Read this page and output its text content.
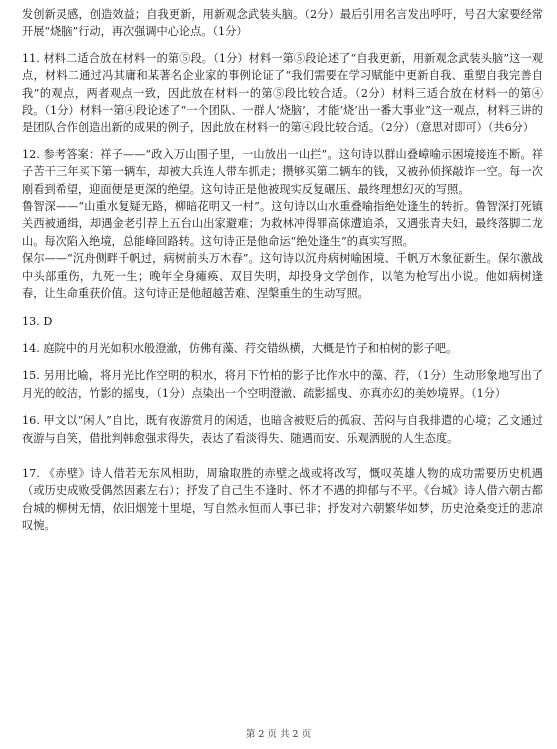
发创新灵感，创造效益；自我更新，用新观念武装头脑。（2分）最后引用名言发出呼吁，号召大家要经常开展“烧脑”行动，再次强调中心论点。（1分）

11. 材料二适合放在材料一的第⑤段。（1分）材料一第⑤段论述了“自我更新，用新观念武装头脑”这一观点，材料二通过冯其庸和某著名企业家的事例论证了“我们需要在学习赋能中更新自我、重塑自我完善自我”的观点，两者观点一致，因此放在材料一的第⑤段比较合适。（2分）材料三适合放在材料一的第④段。（1分）材料一第④段论述了“一个团队、一群人‘烧脑’，才能‘烧’出一番大事业”这一观点，材料三讲的是团队合作创造出新的成果的例子，因此放在材料一的第④段比较合适。（2分）（意思对即可）（共6分）

12. 参考答案：祥子——“政入万山围子里，一山放出一山拦”。这句诗以群山叠嶂喻示困境接连不断。祥子苦干三年买下第一辆车，却被大兵连人带车抓走；攒够买第二辆车的钱，又被孙侦探敲诈一空。每一次刚看到希望，迎面便是更深的绝望。这句诗正是他被现实反复碾压、最终理想幻灭的写照。
鲁智深——“山重水复疑无路，柳暗花明又一村”。这句诗以山水重叠喻指绝处逢生的转折。鲁智深打死镇关西被通缉，却遇金老引荐上五台山出家避难；为救林冲得罪高俅遭追杀，又遇张青夫妇，最终落脚二龙山。每次陷入绝境，总能峰回路转。这句诗正是他命运“绝处逢生”的真实写照。
保尔——“沉舟侧畔千帆过，病树前头万木春”。这句诗以沉舟病树喻困境、千帆万木象征新生。保尔激战中头部重伤，九死一生；晚年全身瘫痪、双目失明，却投身文学创作，以笔为枪写出小说。他如病树逢春，让生命重获价值。这句诗正是他超越苦难、涅槃重生的生动写照。

13. D

14. 庭院中的月光如积水般澄澈，仿佛有藻、荇交错纵横，大概是竹子和柏树的影子吧。

15. 另用比喻，将月光比作空明的积水，将月下竹柏的影子比作水中的藻、荇，（1分）生动形象地写出了月光的皎洁，竹影的摇曳，（1分）点染出一个空明澄澈、疏影摇曳、亦真亦幻的美妙境界。（1分）

16. 甲文以“闲人”自比，既有夜游赏月的闲适，也暗含被贬后的孤寂、苦闷与自我排遣的心境；乙文通过夜游与自笑，借批判韩愈强求得失，表达了看淡得失、随遇而安、乐观洒脱的人生态度。

17. 《赤壁》诗人借若无东风相助，周瑜取胜的赤壁之战或将改写，慨叹英雄人物的成功需要历史机遇（或历史成败受偶然因素左右）；抒发了自己生不逢时、怀才不遇的抑郁与不平。《台城》诗人借六朝古都台城的柳树无情，依旧烟笼十里堤，写自然永恒而人事已非；抒发对六朝繁华如梦，历史沧桑变迁的悲凉叹惋。

第 2 页 共 2 页
